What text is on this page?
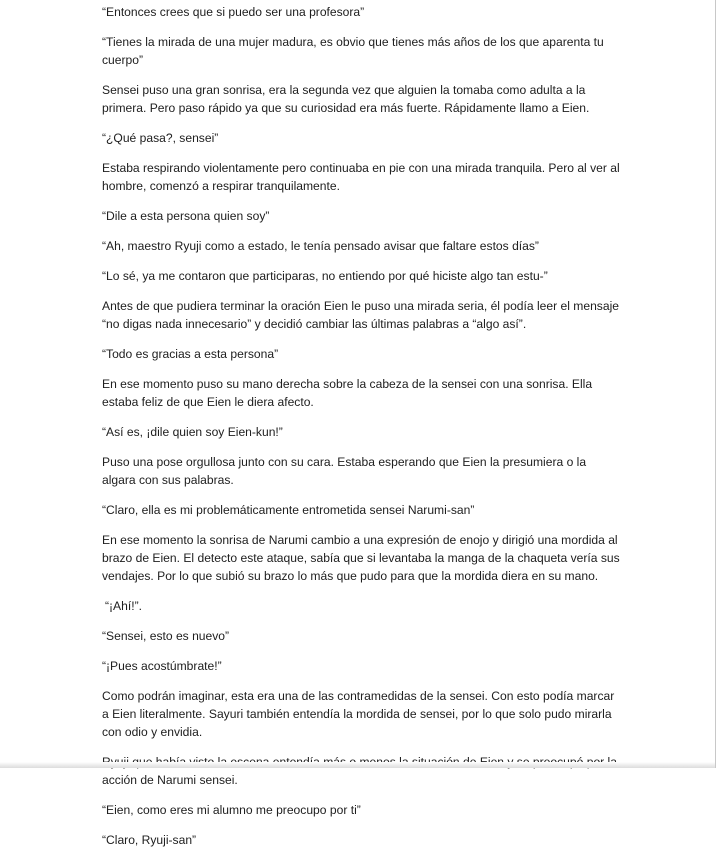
“Entonces crees que si puedo ser una profesora”

“Tienes la mirada de una mujer madura, es obvio que tienes más años de los que aparenta tu cuerpo”

Sensei puso una gran sonrisa, era la segunda vez que alguien la tomaba como adulta a la primera. Pero paso rápido ya que su curiosidad era más fuerte. Rápidamente llamo a Eien.

“¿Qué pasa?, sensei”

Estaba respirando violentamente pero continuaba en pie con una mirada tranquila. Pero al ver al hombre, comenzó a respirar tranquilamente.

“Dile a esta persona quien soy”

“Ah, maestro Ryuji como a estado, le tenía pensado avisar que faltare estos días”

“Lo sé, ya me contaron que participaras, no entiendo por qué hiciste algo tan estu-”

Antes de que pudiera terminar la oración Eien le puso una mirada seria, él podía leer el mensaje “no digas nada innecesario” y decidió cambiar las últimas palabras a “algo así”.

“Todo es gracias a esta persona”

En ese momento puso su mano derecha sobre la cabeza de la sensei con una sonrisa. Ella estaba feliz de que Eien le diera afecto.

“Así es, ¡dile quien soy Eien-kun!”

Puso una pose orgullosa junto con su cara. Estaba esperando que Eien la presumiera o la algara con sus palabras.

“Claro, ella es mi problemáticamente entrometida sensei Narumi-san”

En ese momento la sonrisa de Narumi cambio a una expresión de enojo y dirigió una mordida al brazo de Eien. El detecto este ataque, sabía que si levantaba la manga de la chaqueta vería sus vendajes. Por lo que subió su brazo lo más que pudo para que la mordida diera en su mano.

“¡Ahí!”.

“Sensei, esto es nuevo”

“¡Pues acostúmbrate!”

Como podrán imaginar, esta era una de las contramedidas de la sensei. Con esto podía marcar a Eien literalmente. Sayuri también entendía la mordida de sensei, por lo que solo pudo mirarla con odio y envidia.

acción de Narumi sensei.

“Eien, como eres mi alumno me preocupo por ti”

“Claro, Ryuji-san”
